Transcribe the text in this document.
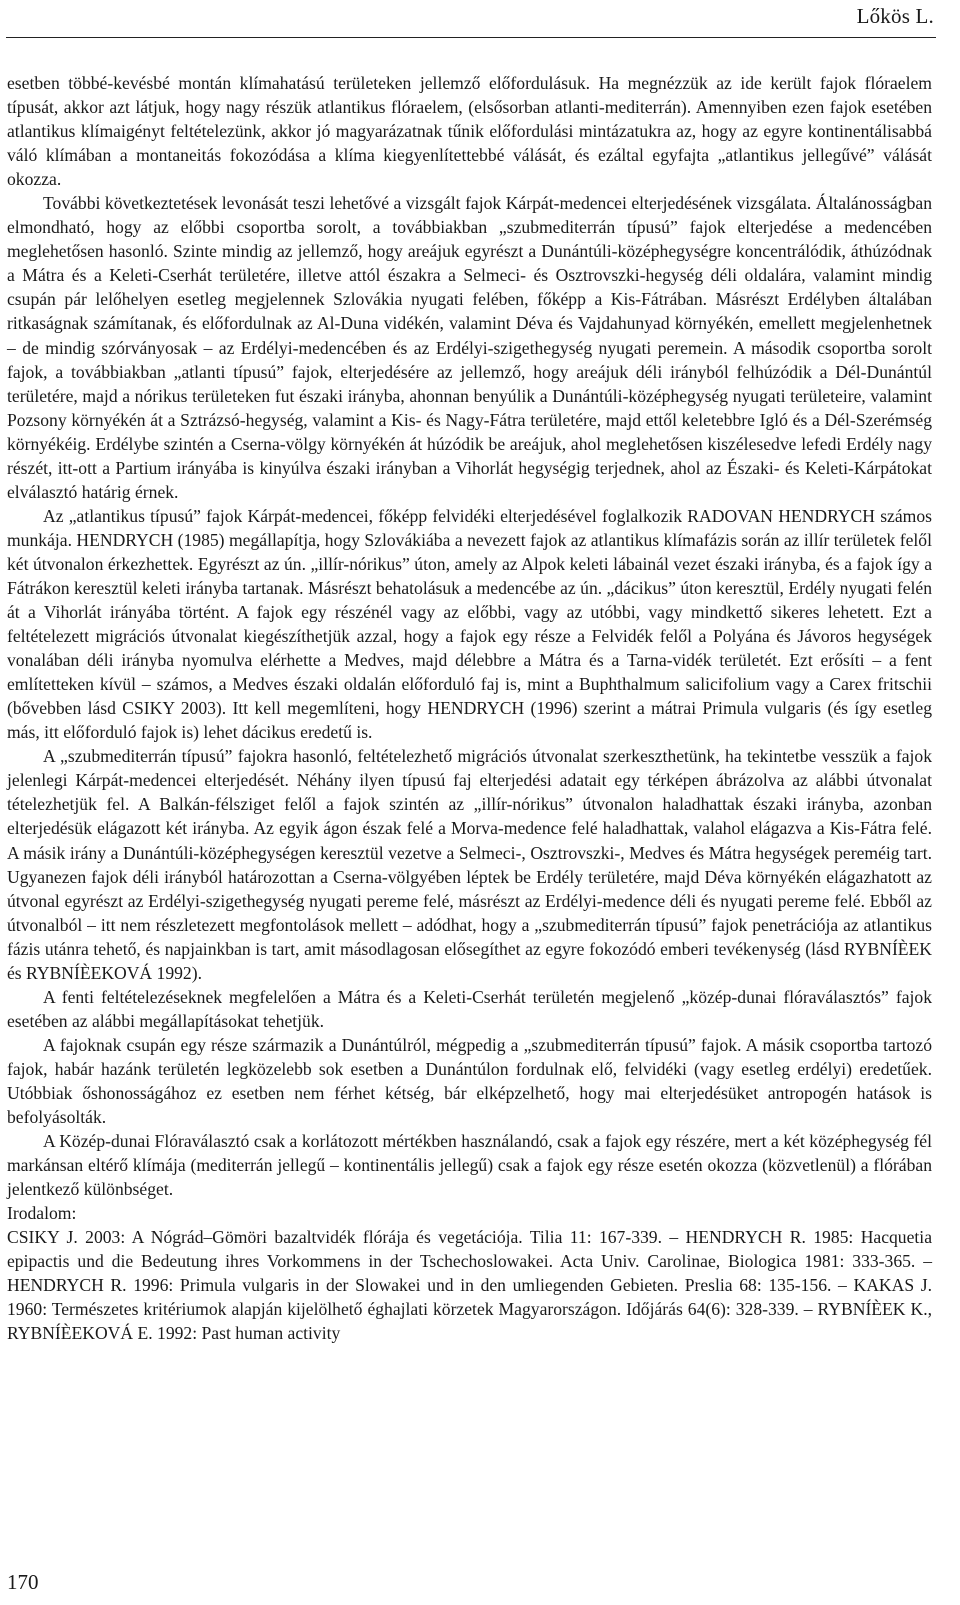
Lőkös L.

esetben többé-kevésbé montán klímahatású területeken jellemző előfordulásuk. Ha megnézzük az ide került fajok flóraelem típusát, akkor azt látjuk, hogy nagy részük atlantikus flóraelem, (elsősorban atlanti-mediterrán). Amennyiben ezen fajok esetében atlantikus klímaigényt feltételezünk, akkor jó magyarázatnak tűnik előfordulási mintázatukra az, hogy az egyre kontinentálisabbá váló klímában a montaneitás fokozódása a klíma kiegyenlítettebbé válását, és ezáltal egyfajta „atlantikus jellegűvé” válását okozza.

További következtetések levonását teszi lehetővé a vizsgált fajok Kárpát-medencei elterjedésének vizsgálata. Általánosságban elmondható, hogy az előbbi csoportba sorolt, a továbbiakban „szubmediterrán típusú” fajok elterjedése a medencében meglehetősen hasonló. Szinte mindig az jellemző, hogy areájuk egyrészt a Dunántúli-középhegységre koncentrálódik, áthúzódnak a Mátra és a Keleti-Cserhát területére, illetve attól északra a Selmeci- és Osztrovszki-hegység déli oldalára, valamint mindig csupán pár lelőhelyen esetleg megjelennek Szlovákia nyugati felében, főképp a Kis-Fátrában. Másrészt Erdélyben általában ritkaságnak számítanak, és előfordulnak az Al-Duna vidékén, valamint Déva és Vajdahunyad környékén, emellett megjelenhetnek – de mindig szórványosak – az Erdélyi-medencében és az Erdélyi-szigethegység nyugati peremein. A második csoportba sorolt fajok, a továbbiakban „atlanti típusú” fajok, elterjedésére az jellemző, hogy areájuk déli irányból felhúzódik a Dél-Dunántúl területére, majd a nórikus területeken fut északi irányba, ahonnan benyúlik a Dunántúli-középhegység nyugati területeire, valamint Pozsony környékén át a Sztrázsó-hegység, valamint a Kis- és Nagy-Fátra területére, majd ettől keletebbre Igló és a Dél-Szerémség környékéig. Erdélybe szintén a Cserna-völgy környékén át húzódik be areájuk, ahol meglehetősen kiszélesedve lefedi Erdély nagy részét, itt-ott a Partium irányába is kinyúlva északi irányban a Vihorlát hegységig terjednek, ahol az Északi- és Keleti-Kárpátokat elválasztó határig érnek.

Az „atlantikus típusú” fajok Kárpát-medencei, főképp felvidéki elterjedésével foglalkozik RADOVAN HENDRYCH számos munkája. HENDRYCH (1985) megállapítja, hogy Szlovákiába a nevezett fajok az atlantikus klímafázis során az illír területek felől két útvonalon érkezhettek. Egyrészt az ún. „illír-nórikus” úton, amely az Alpok keleti lábainál vezet északi irányba, és a fajok így a Fátrákon keresztül keleti irányba tartanak. Másrészt behatolásuk a medencébe az ún. „dácikus” úton keresztül, Erdély nyugati felén át a Vihorlát irányába történt. A fajok egy részénél vagy az előbbi, vagy az utóbbi, vagy mindkettő sikeres lehetett. Ezt a feltételezett migrációs útvonalat kiegészíthetjük azzal, hogy a fajok egy része a Felvidék felől a Polyána és Jávoros hegységek vonalában déli irányba nyomulva elérhette a Medves, majd délebbre a Mátra és a Tarna-vidék területét. Ezt erősíti – a fent említetteken kívül – számos, a Medves északi oldalán előforduló faj is, mint a Buphthalmum salicifolium vagy a Carex fritschii (bővebben lásd CSIKY 2003). Itt kell megemlíteni, hogy HENDRYCH (1996) szerint a mátrai Primula vulgaris (és így esetleg más, itt előforduló fajok is) lehet dácikus eredetű is.

A „szubmediterrán típusú” fajokra hasonló, feltételezhető migrációs útvonalat szerkeszthetünk, ha tekintetbe vesszük a fajok jelenlegi Kárpát-medencei elterjedését. Néhány ilyen típusú faj elterjedési adatait egy térképen ábrázolva az alábbi útvonalat tételezhetjük fel. A Balkán-félsziget felől a fajok szintén az „illír-nórikus” útvonalon haladhattak északi irányba, azonban elterjedésük elágazott két irányba. Az egyik ágon észak felé a Morva-medence felé haladhattak, valahol elágazva a Kis-Fátra felé. A másik irány a Dunántúli-középhegységen keresztül vezetve a Selmeci-, Osztrovszki-, Medves és Mátra hegységek pereméig tart. Ugyanezen fajok déli irányból határozottan a Cserna-völgyében léptek be Erdély területére, majd Déva környékén elágazhatott az útvonal egyrészt az Erdélyi-szigethegység nyugati pereme felé, másrészt az Erdélyi-medence déli és nyugati pereme felé. Ebből az útvonalból – itt nem részletezett megfontolások mellett – adódhat, hogy a „szubmediterrán típusú” fajok penetrációja az atlantikus fázis utánra tehető, és napjainkban is tart, amit másodlagosan elősegíthet az egyre fokozódó emberi tevékenység (lásd RYBNÍÈEK és RYBNÍÈEKOVÁ 1992).

A fenti feltételezéseknek megfelelően a Mátra és a Keleti-Cserhát területén megjelenő „közép-dunai flóraválasztós” fajok esetében az alábbi megállapításokat tehetjük.

A fajoknak csupán egy része származik a Dunántúlról, mégpedig a „szubmediterrán típusú” fajok. A másik csoportba tartozó fajok, habár hazánk területén legközelebb sok esetben a Dunántúlon fordulnak elő, felvidéki (vagy esetleg erdélyi) eredetűek. Utóbbiak őshonosságához ez esetben nem férhet kétség, bár elképzelhető, hogy mai elterjedésüket antropogén hatások is befolyásolták.

A Közép-dunai Flóraválasztó csak a korlátozott mértékben használandó, csak a fajok egy részére, mert a két középhegység fél markánsan eltérő klímája (mediterrán jellegű – kontinentális jellegű) csak a fajok egy része esetén okozza (közvetlenül) a flórában jelentkező különbséget.

Irodalom:

CSIKY J. 2003: A Nógrád–Gömöri bazaltvidék flórája és vegetációja. Tilia 11: 167-339. – HENDRYCH R. 1985: Hacquetia epipactis und die Bedeutung ihres Vorkommens in der Tschechoslowakei. Acta Univ. Carolinae, Biologica 1981: 333-365. – HENDRYCH R. 1996: Primula vulgaris in der Slowakei und in den umliegenden Gebieten. Preslia 68: 135-156. – KAKAS J. 1960: Természetes kritériumok alapján kijelölhető éghajlati körzetek Magyarországon. Időjárás 64(6): 328-339. – RYBNÍÈEK K., RYBNÍÈEKOVÁ E. 1992: Past human activity

170
